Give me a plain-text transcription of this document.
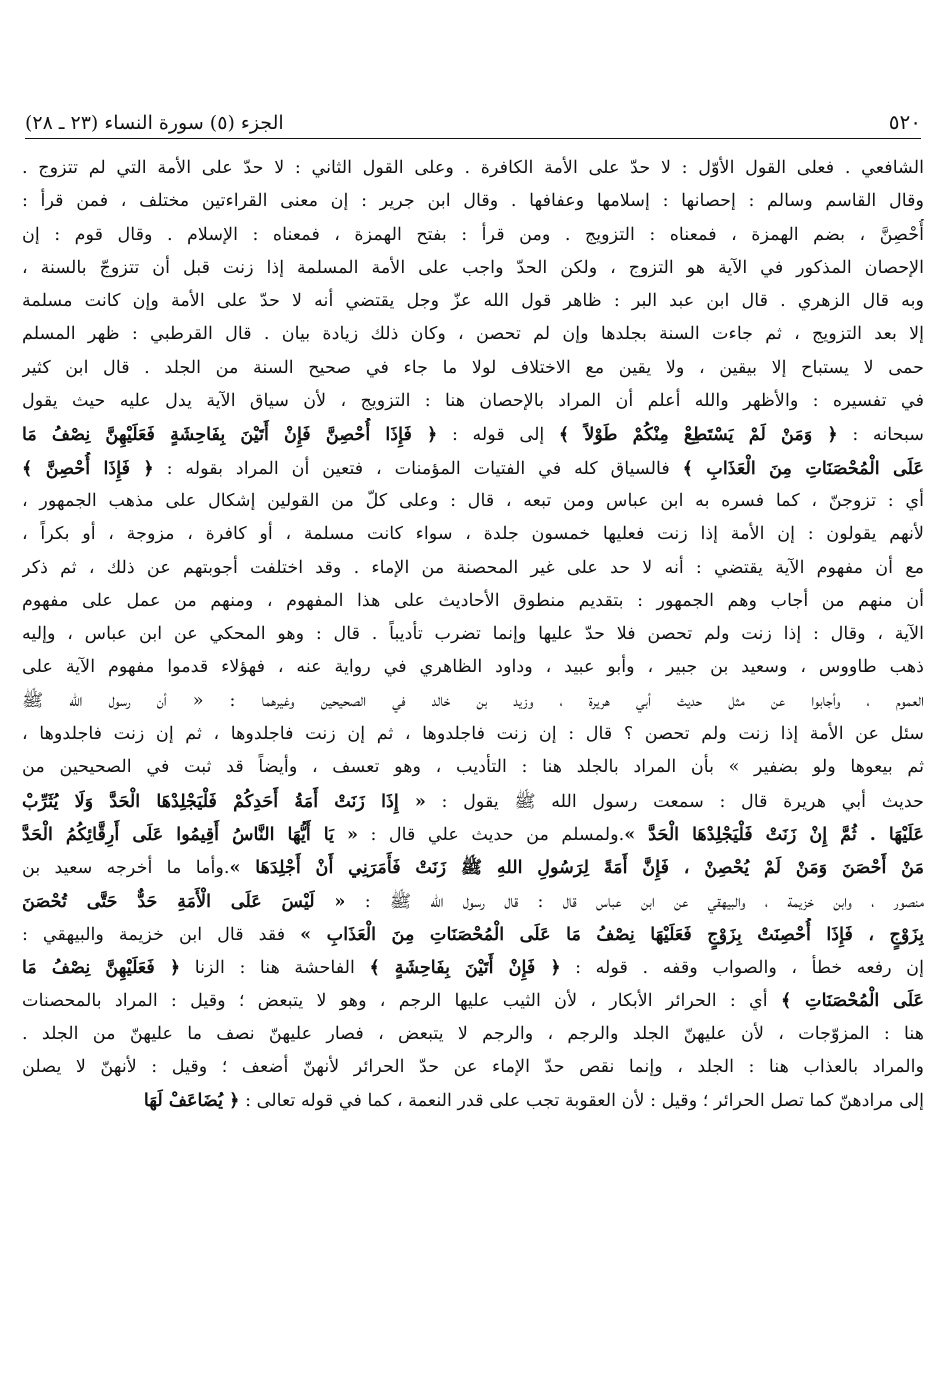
٥٢٠
الجزء (٥) سورة النساء (٢٣ ـ ٢٨)
الشافعي . فعلى القول الأوّل : لا حدّ على الأمة الكافرة . وعلى القول الثاني : لا حدّ على الأمة التي لم تتزوج .
وقال القاسم وسالم : إحصانها : إسلامها وعفافها . وقال ابن جرير : إن معنى القراءتين مختلف ، فمن قرأ :
أُحْصِنَّ ، بضم الهمزة ، فمعناه : التزويج . ومن قرأ : بفتح الهمزة ، فمعناه : الإسلام . وقال قوم : إن
الإحصان المذكور في الآية هو التزوج ، ولكن الحدّ واجب على الأمة المسلمة إذا زنت قبل أن تتزوجّ بالسنة ،
وبه قال الزهري . قال ابن عبد البر : ظاهر قول الله عزّ وجل يقتضي أنه لا حدّ على الأمة وإن كانت مسلمة
إلا بعد التزويج ، ثم جاءت السنة بجلدها وإن لم تحصن ، وكان ذلك زيادة بيان . قال القرطبي : ظهر المسلم
حمى لا يستباح إلا بيقين ، ولا يقين مع الاختلاف لولا ما جاء في صحيح السنة من الجلد . قال ابن كثير
في تفسيره : والأظهر والله أعلم أن المراد بالإحصان هنا : التزويج ، لأن سياق الآية يدل عليه حيث يقول
سبحانه : ﴿ وَمَنْ لَمْ يَسْتَطِعْ مِنْكُمْ طَوْلاً ﴾ إلى قوله : ﴿ فَإِذَا أُحْصِنَّ فَإِنْ أَتَيْنَ بِفَاحِشَةٍ فَعَلَيْهِنَّ نِصْفُ مَا
عَلَى الْمُحْصَنَاتِ مِنَ الْعَذَابِ ﴾ فالسياق كله في الفتيات المؤمنات ، فتعين أن المراد بقوله : ﴿ فَإِذَا أُحْصِنَّ ﴾
أي : تزوجنّ ، كما فسره به ابن عباس ومن تبعه ، قال : وعلى كلّ من القولين إشكال على مذهب الجمهور ،
لأنهم يقولون : إن الأمة إذا زنت فعليها خمسون جلدة ، سواء كانت مسلمة ، أو كافرة ، مزوجة ، أو بكراً ،
مع أن مفهوم الآية يقتضي : أنه لا حد على غير المحصنة من الإماء . وقد اختلفت أجوبتهم عن ذلك ، ثم ذكر
أن منهم من أجاب وهم الجمهور : بتقديم منطوق الأحاديث على هذا المفهوم ، ومنهم من عمل على مفهوم
الآية ، وقال : إذا زنت ولم تحصن فلا حدّ عليها وإنما تضرب تأديباً . قال : وهو المحكي عن ابن عباس ، وإليه
ذهب طاووس ، وسعيد بن جبير ، وأبو عبيد ، وداود الظاهري في رواية عنه ، فهؤلاء قدموا مفهوم الآية على
العموم ، وأجابوا عن مثل حديث أبي هريرة ، وزيد بن خالد في الصحيحين وغيرهما : « أن رسول الله ﷺ
سئل عن الأمة إذا زنت ولم تحصن ؟ قال : إن زنت فاجلدوها ، ثم إن زنت فاجلدوها ، ثم إن زنت فاجلدوها ،
ثم بيعوها ولو بضفير » بأن المراد بالجلد هنا : التأديب ، وهو تعسف ، وأيضاً قد ثبت في الصحيحين من
حديث أبي هريرة قال : سمعت رسول الله ﷺ يقول : « إِذَا زَنَتْ أَمَةُ أَحَدِكُمْ فَلْيَجْلِدْهَا الْحَدَّ وَلَا يُثَرِّبْ
عَلَيْهَا . ثُمَّ إِنْ زَنَتْ فَلْيَجْلِدْهَا الْحَدَّ ».ولمسلم من حديث علي قال : « يَا أَيُّهَا النَّاسُ أَقِيمُوا عَلَى أَرِقَّائِكُمُ الْحَدَّ
مَنْ أَحْصَنَ وَمَنْ لَمْ يُحْصِنْ ، فَإِنَّ أَمَةً لِرَسُولِ اللهِ ﷺ زَنَتْ فَأَمَرَنِي أَنْ أَجْلِدَهَا ».وأما ما أخرجه سعيد بن
منصور ، وابن خزيمة ، والبيهقي عن ابن عباس قال : قال رسول الله ﷺ : « لَيْسَ عَلَى الْأَمَةِ حَدٌّ حَتَّى تُحْصَنَ
بِزَوْجٍ ، فَإِذَا أُحْصِنَتْ بِزَوْجٍ فَعَلَيْهَا نِصْفُ مَا عَلَى الْمُحْصَنَاتِ مِنَ الْعَذَابِ » فقد قال ابن خزيمة والبيهقي :
إن رفعه خطأ ، والصواب وقفه . قوله : ﴿ فَإِنْ أَتَيْنَ بِفَاحِشَةٍ ﴾ الفاحشة هنا : الزنا ﴿ فَعَلَيْهِنَّ نِصْفُ مَا
عَلَى الْمُحْصَنَاتِ ﴾ أي : الحرائر الأبكار ، لأن الثيب عليها الرجم ، وهو لا يتبعض ؛ وقيل : المراد بالمحصنات
هنا : المزوّجات ، لأن عليهنّ الجلد والرجم ، والرجم لا يتبعض ، فصار عليهنّ نصف ما عليهنّ من الجلد .
والمراد بالعذاب هنا : الجلد ، وإنما نقص حدّ الإماء عن حدّ الحرائر لأنهنّ أضعف ؛ وقيل : لأنهنّ لا يصلن
إلى مرادهنّ كما تصل الحرائر ؛ وقيل : لأن العقوبة تجب على قدر النعمة ، كما في قوله تعالى : ﴿ يُضَاعَفْ لَهَا
